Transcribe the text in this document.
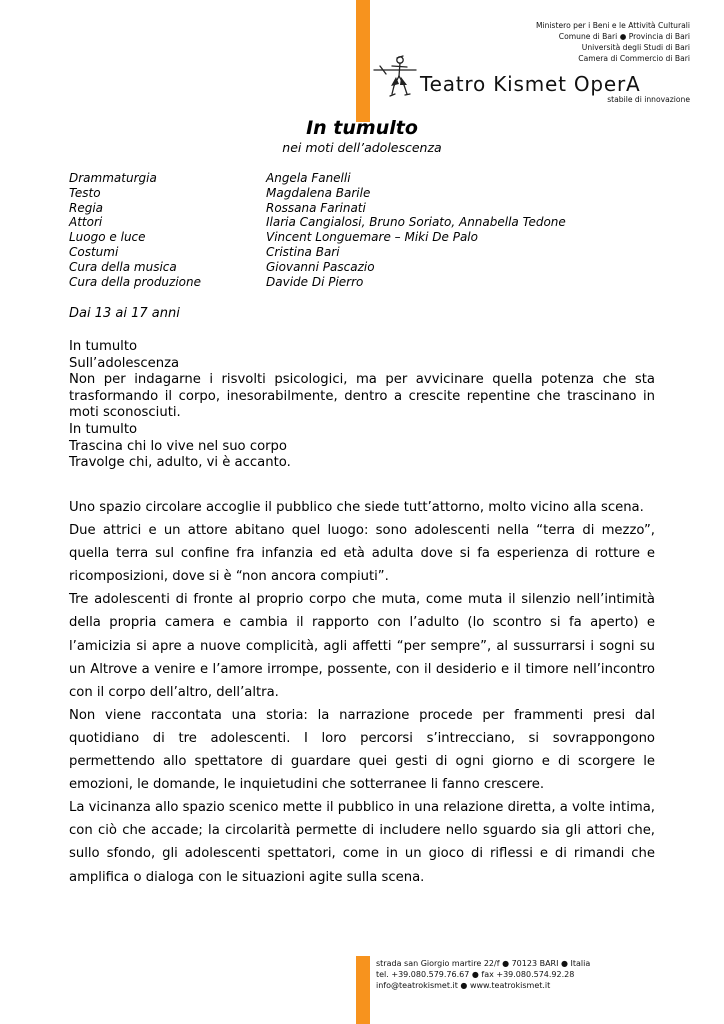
Ministero per i Beni e le Attività Culturali
Comune di Bari ● Provincia di Bari
Università degli Studi di Bari
Camera di Commercio di Bari
Teatro Kismet OperA
stabile di innovazione
In tumulto
nei moti dell’adolescenza
Drammaturgia	Angela Fanelli
Testo	Magdalena Barile
Regia	Rossana Farinati
Attori	Ilaria Cangialosi, Bruno Soriato, Annabella Tedone
Luogo e luce	Vincent Longuemare – Miki De Palo
Costumi	Cristina Bari
Cura della musica	Giovanni Pascazio
Cura della produzione	Davide Di Pierro
Dai 13 ai 17 anni

In tumulto

Sull’adolescenza

Non per indagarne i risvolti psicologici, ma per avvicinare quella potenza che sta trasformando il corpo, inesorabilmente, dentro a crescite repentine che trascinano in moti sconosciuti.

In tumulto

Trascina chi lo vive nel suo corpo

Travolge chi, adulto, vi è accanto.

Uno spazio circolare accoglie il pubblico che siede tutt’attorno, molto vicino alla scena.

Due attrici e un attore abitano quel luogo: sono adolescenti nella “terra di mezzo”, quella terra sul confine fra infanzia ed età adulta dove si fa esperienza di rotture e ricomposizioni, dove si è “non ancora compiuti”.

Tre adolescenti di fronte al proprio corpo che muta, come muta il silenzio nell’intimità della propria camera e cambia il rapporto con l’adulto (lo scontro si fa aperto) e l’amicizia si apre a nuove complicità, agli affetti “per sempre”, al sussurrarsi i sogni su un Altrove a venire e l’amore irrompe, possente, con il desiderio e il timore nell’incontro con il corpo dell’altro, dell’altra.

Non viene raccontata una storia: la narrazione procede per frammenti presi dal quotidiano di tre adolescenti. I loro percorsi s’intrecciano, si sovrappongono permettendo allo spettatore di guardare quei gesti di ogni giorno e di scorgere le emozioni, le domande, le inquietudini che sotterranee li fanno crescere.

La vicinanza allo spazio scenico mette il pubblico in una relazione diretta, a volte intima, con ciò che accade; la circolarità permette di includere nello sguardo sia gli attori che, sullo sfondo, gli adolescenti spettatori, come in un gioco di riflessi e di rimandi che amplifica o dialoga con le situazioni agite sulla scena.

strada san Giorgio martire 22/f ● 70123 BARI ● Italia
tel. +39.080.579.76.67 ● fax +39.080.574.92.28
info@teatrokismet.it ● www.teatrokismet.it
